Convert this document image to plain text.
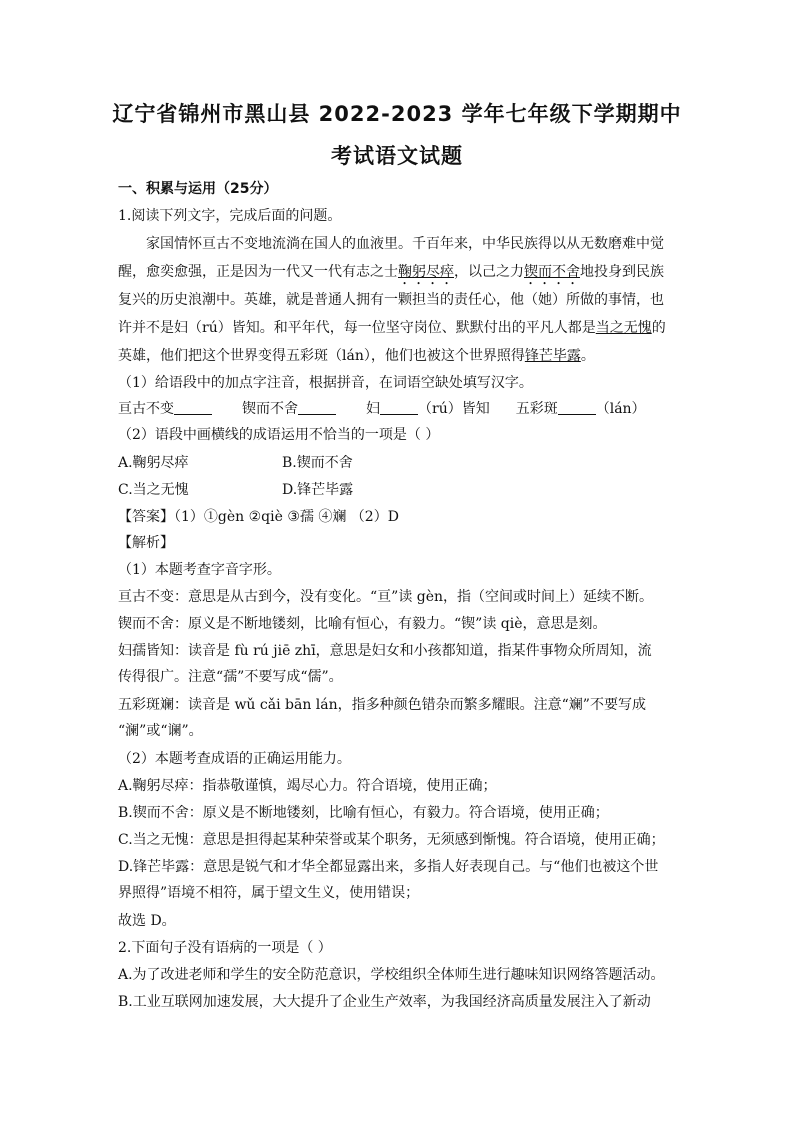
辽宁省锦州市黑山县 2022-2023 学年七年级下学期期中
考试语文试题
一、积累与运用（25分）
1.阅读下列文字，完成后面的问题。
家国情怀亘古不变地流淌在国人的血液里。千百年来，中华民族得以从无数磨难中觉
醒，愈奕愈强，正是因为一代又一代有志之士鞠躬尽瘁，以己之力锲而不舍地投身到民族
复兴的历史浪潮中。英雄，就是普通人拥有一颗担当的责任心，他（她）所做的事情，也
许并不是妇（rú）皆知。和平年代，每一位坚守岗位、默默付出的平凡人都是当之无愧的
英雄，他们把这个世界变得五彩斑（lán），他们也被这个世界照得锋芒毕露。
（1）给语段中的加点字注音，根据拼音，在词语空缺处填写汉字。
亘古不变	锲而不舍	妇	（rú）皆知 五彩斑	（lán）
（2）语段中画横线的成语运用不恰当的一项是（ ）
A.鞠躬尽瘁	B.锲而不舍
C.当之无愧	D.锋芒毕露
【答案】（1）①gèn ②qiè ③孺 ④斓 （2）D
【解析】
（1）本题考查字音字形。
亘古不变：意思是从古到今，没有变化。“亘”读 gèn，指（空间或时间上）延续不断。
锲而不舍：原义是不断地镂刻，比喻有恒心，有毅力。“锲”读 qiè，意思是刻。
妇孺皆知：读音是 fù rú jiē zhī，意思是妇女和小孩都知道，指某件事物众所周知，流
传得很广。注意“孺”不要写成“儒”。
五彩斑斓：读音是 wǔ cǎi bān lán，指多种颜色错杂而繁多耀眼。注意“斓”不要写成
“澜”或“谰”。
（2）本题考查成语的正确运用能力。
A.鞠躬尽瘁：指恭敬谨慎，竭尽心力。符合语境，使用正确；
B.锲而不舍：原义是不断地镂刻，比喻有恒心，有毅力。符合语境，使用正确；
C.当之无愧：意思是担得起某种荣誉或某个职务，无须感到惭愧。符合语境，使用正确；
D.锋芒毕露：意思是锐气和才华全都显露出来，多指人好表现自己。与“他们也被这个世
界照得”语境不相符，属于望文生义，使用错误；
故选 D。
2.下面句子没有语病的一项是（ ）
A.为了改进老师和学生的安全防范意识，学校组织全体师生进行趣味知识网络答题活动。
B.工业互联网加速发展，大大提升了企业生产效率，为我国经济高质量发展注入了新动
